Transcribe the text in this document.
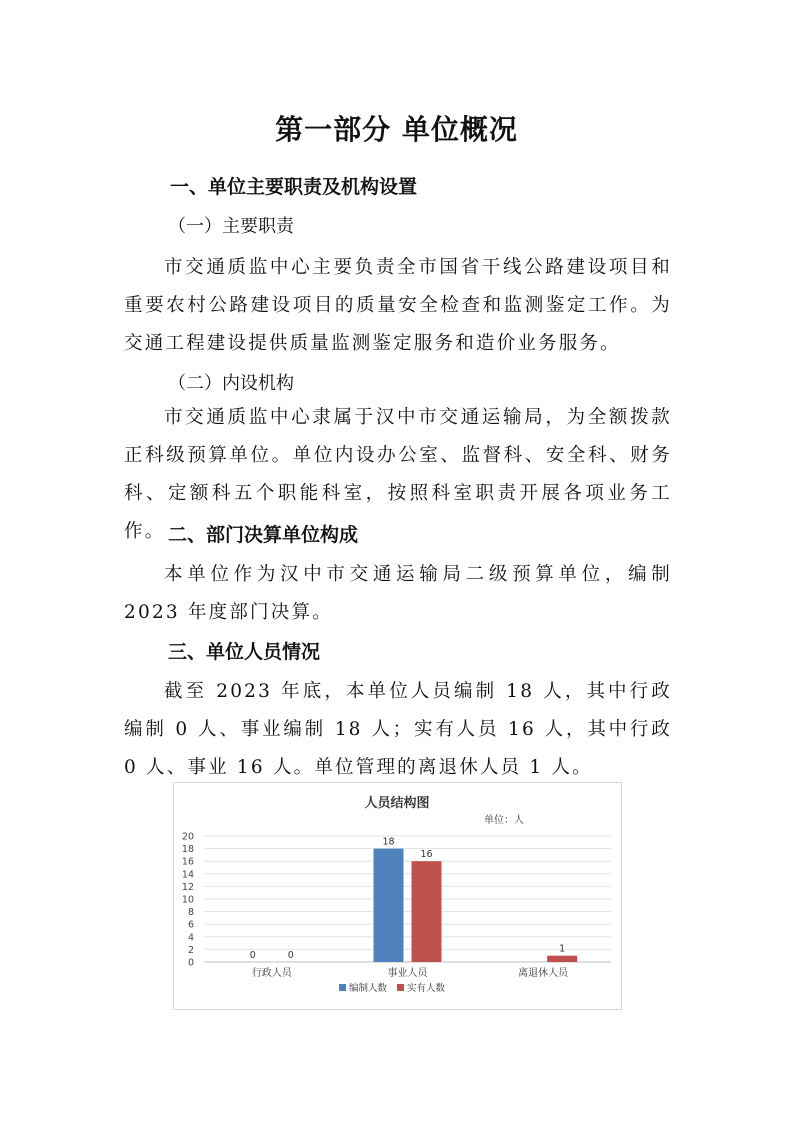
第一部分 单位概况
一、单位主要职责及机构设置
（一）主要职责

市交通质监中心主要负责全市国省干线公路建设项目和重要农村公路建设项目的质量安全检查和监测鉴定工作。为交通工程建设提供质量监测鉴定服务和造价业务服务。

（二）内设机构

市交通质监中心隶属于汉中市交通运输局，为全额拨款正科级预算单位。单位内设办公室、监督科、安全科、财务科、定额科五个职能科室，按照科室职责开展各项业务工作。 二、部门决算单位构成

本单位作为汉中市交通运输局二级预算单位，编制 2023 年度部门决算。

三、单位人员情况

截至 2023 年底，本单位人员编制 18 人，其中行政编制 0 人、事业编制 18 人；实有人员 16 人，其中行政 0 人、事业 16 人。单位管理的离退休人员 1 人。

人员结构图
单位：人
0
2
4
6
8
10
12
14
16
18
20
0	0
行政人员
18
16
事业人员
1
离退休人员
编制人数 实有人数
